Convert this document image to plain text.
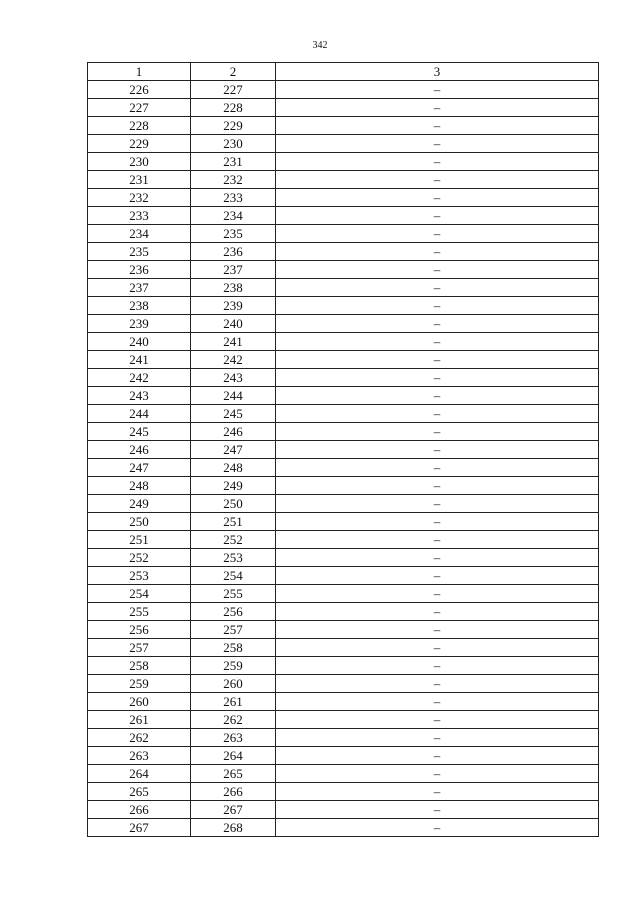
342
1	2	3
226	227	–
227	228	–
228	229	–
229	230	–
230	231	–
231	232	–
232	233	–
233	234	–
234	235	–
235	236	–
236	237	–
237	238	–
238	239	–
239	240	–
240	241	–
241	242	–
242	243	–
243	244	–
244	245	–
245	246	–
246	247	–
247	248	–
248	249	–
249	250	–
250	251	–
251	252	–
252	253	–
253	254	–
254	255	–
255	256	–
256	257	–
257	258	–
258	259	–
259	260	–
260	261	–
261	262	–
262	263	–
263	264	–
264	265	–
265	266	–
266	267	–
267	268	–
